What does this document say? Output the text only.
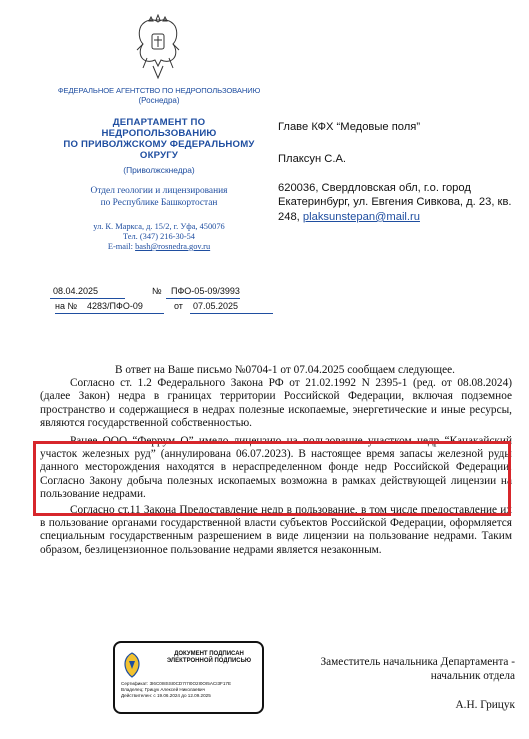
ФЕДЕРАЛЬНОЕ АГЕНТСТВО ПО НЕДРОПОЛЬЗОВАНИЮ
(Роснедра)
ДЕПАРТАМЕНТ ПО
НЕДРОПОЛЬЗОВАНИЮ
ПО ПРИВОЛЖСКОМУ ФЕДЕРАЛЬНОМУ
ОКРУГУ
(Приволжскнедра)
Отдел геологии и лицензирования
по Республике Башкортостан
ул. К. Маркса, д. 15/2, г. Уфа, 450076
Тел. (347) 216-30-54
E-mail: bash@rosnedra.gov.ru
Главе КФХ “Медовые поля”
Плаксун С.А.
620036, Свердловская обл, г.о. город Екатеринбург, ул. Евгения Сивкова, д. 23, кв. 248, plaksunstepan@mail.ru
08.04.2025	№ ПФО-05-09/3993
на № 4283/ПФО-09	от 07.05.2025

В ответ на Ваше письмо №0704-1 от 07.04.2025 сообщаем следующее.

Согласно ст. 1.2 Федерального Закона РФ от 21.02.1992 N 2395-1 (ред. от 08.08.2024) (далее Закон) недра в границах территории Российской Федерации, включая подземное пространство и содержащиеся в недрах полезные ископаемые, энергетические и иные ресурсы, являются государственной собственностью.

Ранее ООО “Феррум О” имело лицензию на пользование участком недр “Канакайский участок железных руд” (аннулирована 06.07.2023). В настоящее время запасы железной руды данного месторождения находятся в нераспределенном фонде недр Российской Федерации. Согласно Закону добыча полезных ископаемых возможна в рамках действующей лицензии на пользование недрами.

Согласно ст.11 Закона Предоставление недр в пользование, в том числе предоставление их в пользование органами государственной власти субъектов Российской Федерации, оформляется специальным государственным разрешением в виде лицензии на пользование недрами. Таким образом, безлицензионное пользование недрами является незаконным.

ДОКУМЕНТ ПОДПИСАН
ЭЛЕКТРОННОЙ ПОДПИСЬЮ
Сертификат: 3I6C0I8SSI0CD7I7I0O2I0OI5ACI3F17E
Владелец: Грицук Алексей Николаевич
Действителен: с 19.06.2024 до 12.09.2025
Заместитель начальника Департамента -
начальник отдела
А.Н. Грицук
